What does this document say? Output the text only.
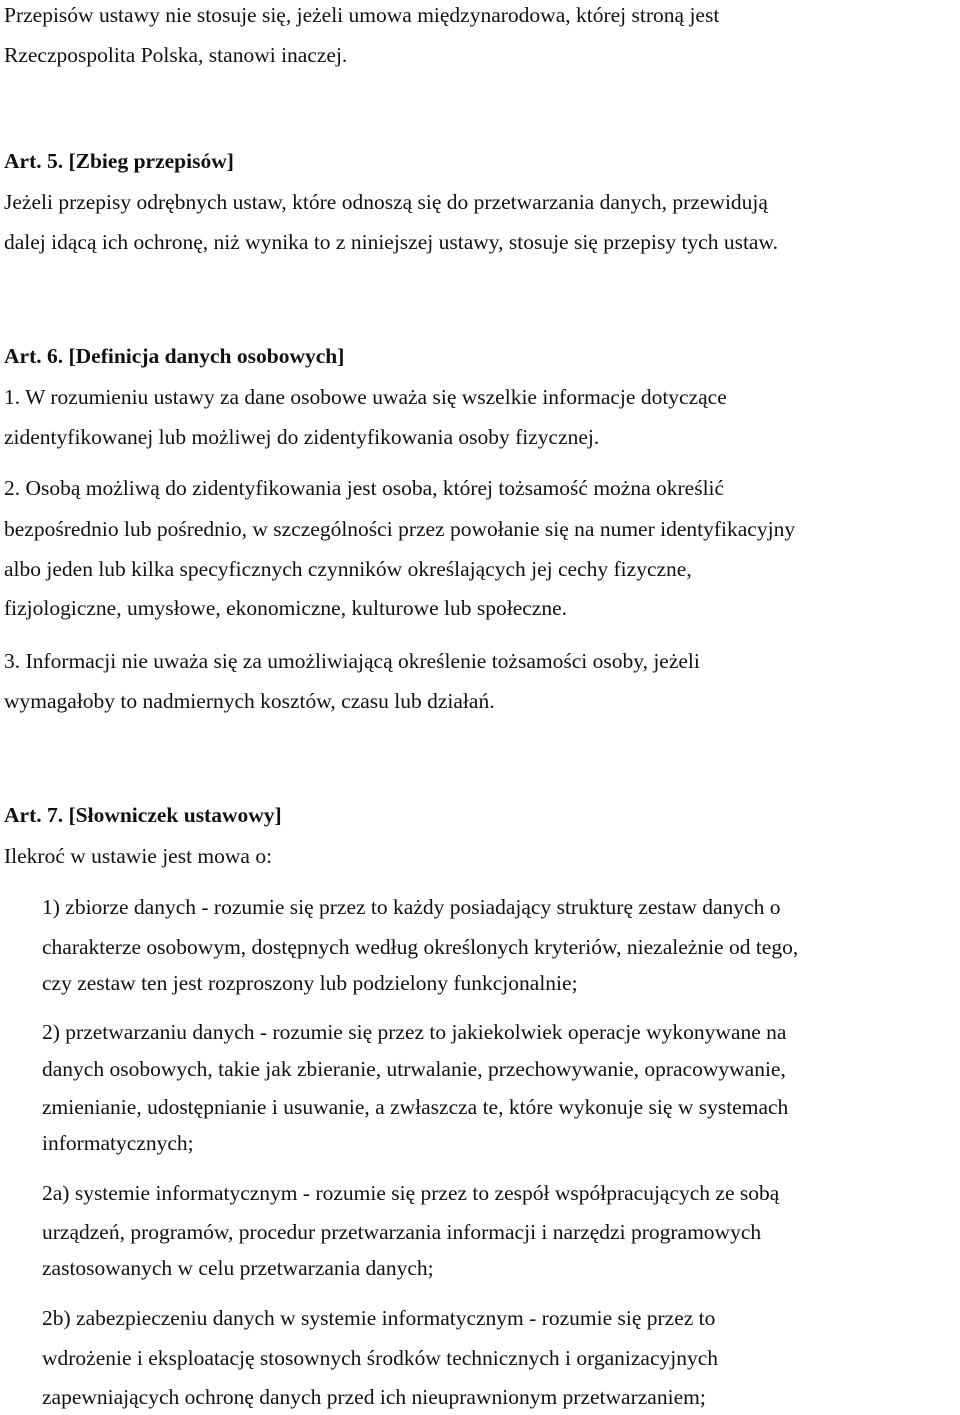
Przepisów ustawy nie stosuje się, jeżeli umowa międzynarodowa, której stroną jest
Rzeczpospolita Polska, stanowi inaczej.
Art. 5. [Zbieg przepisów]
Jeżeli przepisy odrębnych ustaw, które odnoszą się do przetwarzania danych, przewidują
dalej idącą ich ochronę, niż wynika to z niniejszej ustawy, stosuje się przepisy tych ustaw.
Art. 6. [Definicja danych osobowych]
1. W rozumieniu ustawy za dane osobowe uważa się wszelkie informacje dotyczące
zidentyfikowanej lub możliwej do zidentyfikowania osoby fizycznej.
2. Osobą możliwą do zidentyfikowania jest osoba, której tożsamość można określić
bezpośrednio lub pośrednio, w szczególności przez powołanie się na numer identyfikacyjny
albo jeden lub kilka specyficznych czynników określających jej cechy fizyczne,
fizjologiczne, umysłowe, ekonomiczne, kulturowe lub społeczne.
3. Informacji nie uważa się za umożliwiającą określenie tożsamości osoby, jeżeli
wymagałoby to nadmiernych kosztów, czasu lub działań.
Art. 7. [Słowniczek ustawowy]
Ilekroć w ustawie jest mowa o:
1) zbiorze danych - rozumie się przez to każdy posiadający strukturę zestaw danych o
charakterze osobowym, dostępnych według określonych kryteriów, niezależnie od tego,
czy zestaw ten jest rozproszony lub podzielony funkcjonalnie;
2) przetwarzaniu danych - rozumie się przez to jakiekolwiek operacje wykonywane na
danych osobowych, takie jak zbieranie, utrwalanie, przechowywanie, opracowywanie,
zmienianie, udostępnianie i usuwanie, a zwłaszcza te, które wykonuje się w systemach
informatycznych;
2a) systemie informatycznym - rozumie się przez to zespół współpracujących ze sobą
urządzeń, programów, procedur przetwarzania informacji i narzędzi programowych
zastosowanych w celu przetwarzania danych;
2b) zabezpieczeniu danych w systemie informatycznym - rozumie się przez to
wdrożenie i eksploatację stosownych środków technicznych i organizacyjnych
zapewniających ochronę danych przed ich nieuprawnionym przetwarzaniem;
